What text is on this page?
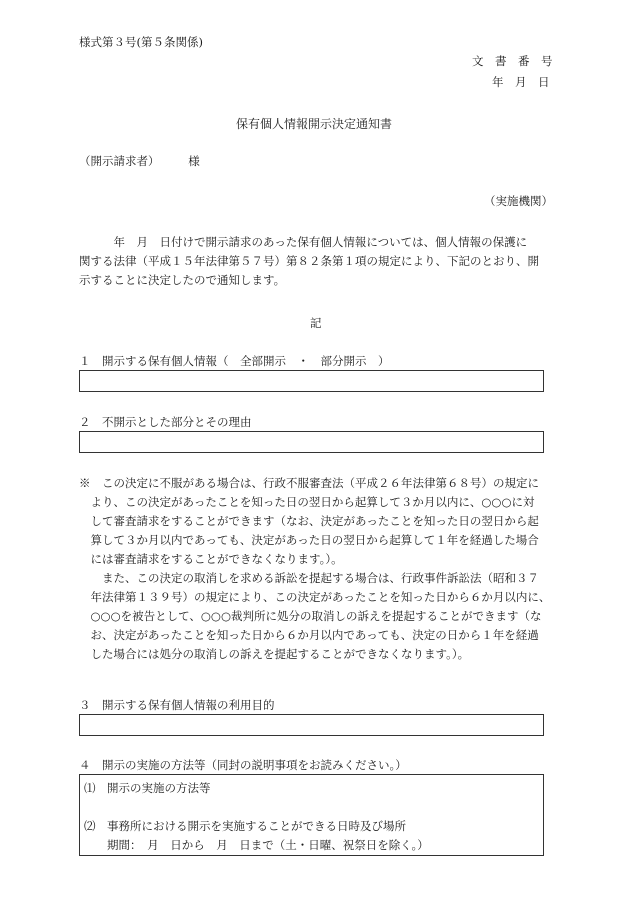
様式第３号(第５条関係)
文　書　番　号
年　月　日
保有個人情報開示決定通知書
（開示請求者）　　　様
（実施機関）
　　　年　月　日付けで開示請求のあった保有個人情報については、個人情報の保護に
関する法律（平成１５年法律第５７号）第８２条第１項の規定により、下記のとおり、開
示することに決定したので通知します。
記
１　開示する保有個人情報（　全部開示　・　部分開示　）
２　不開示とした部分とその理由
※　この決定に不服がある場合は、行政不服審査法（平成２６年法律第６８号）の規定に
　より、この決定があったことを知った日の翌日から起算して３か月以内に、○○○に対
　して審査請求をすることができます（なお、決定があったことを知った日の翌日から起
　算して３か月以内であっても、決定があった日の翌日から起算して１年を経過した場合
　には審査請求をすることができなくなります。）。
　　また、この決定の取消しを求める訴訟を提起する場合は、行政事件訴訟法（昭和３７
　年法律第１３９号）の規定により、この決定があったことを知った日から６か月以内に、
　○○○を被告として、○○○裁判所に処分の取消しの訴えを提起することができます（な
　お、決定があったことを知った日から６か月以内であっても、決定の日から１年を経過
　した場合には処分の取消しの訴えを提起することができなくなります。）。
３　開示する保有個人情報の利用目的
４　開示の実施の方法等（同封の説明事項をお読みください。）
⑴　開示の実施の方法等
⑵　事務所における開示を実施することができる日時及び場所
　　期間：　月　日から　月　日まで（土・日曜、祝祭日を除く。）
